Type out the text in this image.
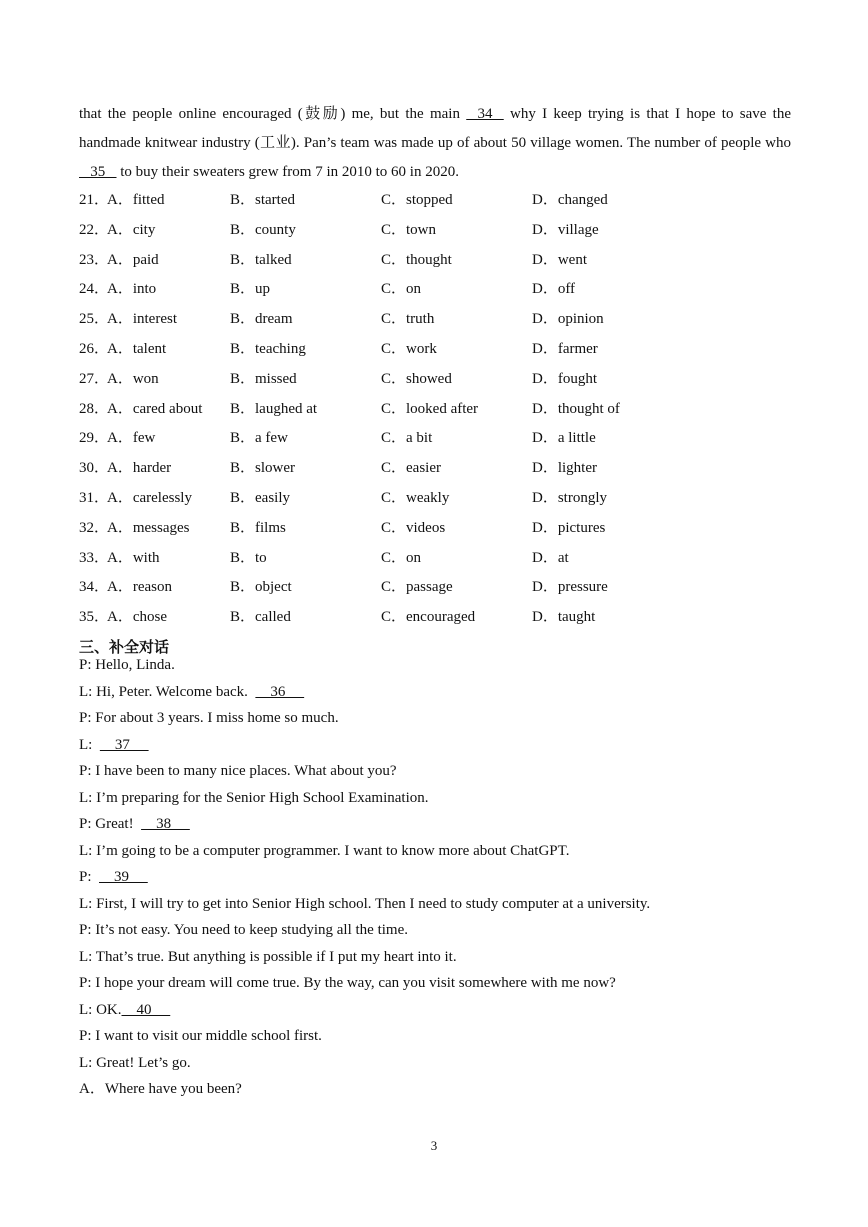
that the people online encouraged (鼓励) me, but the main    34    why I keep trying is that I hope to save the handmade knitwear industry (工业). Pan’s team was made up of about 50 village women. The number of people who    35    to buy their sweaters grew from 7 in 2010 to 60 in 2020.
21．
A．fitted	B．started	C．stopped	D．changed
22．
A．city	B．county	C．town	D．village
23．
A．paid	B．talked	C．thought	D．went
24．
A．into	B．up	C．on	D．off
25．
A．interest	B．dream	C．truth	D．opinion
26．
A．talent	B．teaching	C．work	D．farmer
27．
A．won	B．missed	C．showed	D．fought
28．
A．cared about B．laughed at	C．looked after	D．thought of
29．
A．few	B．a few	C．a bit	D．a little
30．
A．harder	B．slower	C．easier	D．lighter
31．
A．carelessly	B．easily	C．weakly	D．strongly
32．
A．messages	B．films	C．videos	D．pictures
33．
A．with	B．to	C．on	D．at
34．
A．reason	B．object	C．passage	D．pressure
35．
A．chose	B．called	C．encouraged	D．taught
三、补全对话
P: Hello, Linda.
L: Hi, Peter. Welcome back.      36
P: For about 3 years. I miss home so much.
L:      37
P: I have been to many nice places. What about you?
L: I’m preparing for the Senior High School Examination.
P: Great!      38
L: I’m going to be a computer programmer. I want to know more about ChatGPT.
P:      39
L: First, I will try to get into Senior High school. Then I need to study computer at a university.
P: It’s not easy. You need to keep studying all the time.
L: That’s true. But anything is possible if I put my heart into it.
P: I hope your dream will come true. By the way, can you visit somewhere with me now?
L: OK.    40
P: I want to visit our middle school first.
L: Great! Let’s go.
A．Where have you been?
3
